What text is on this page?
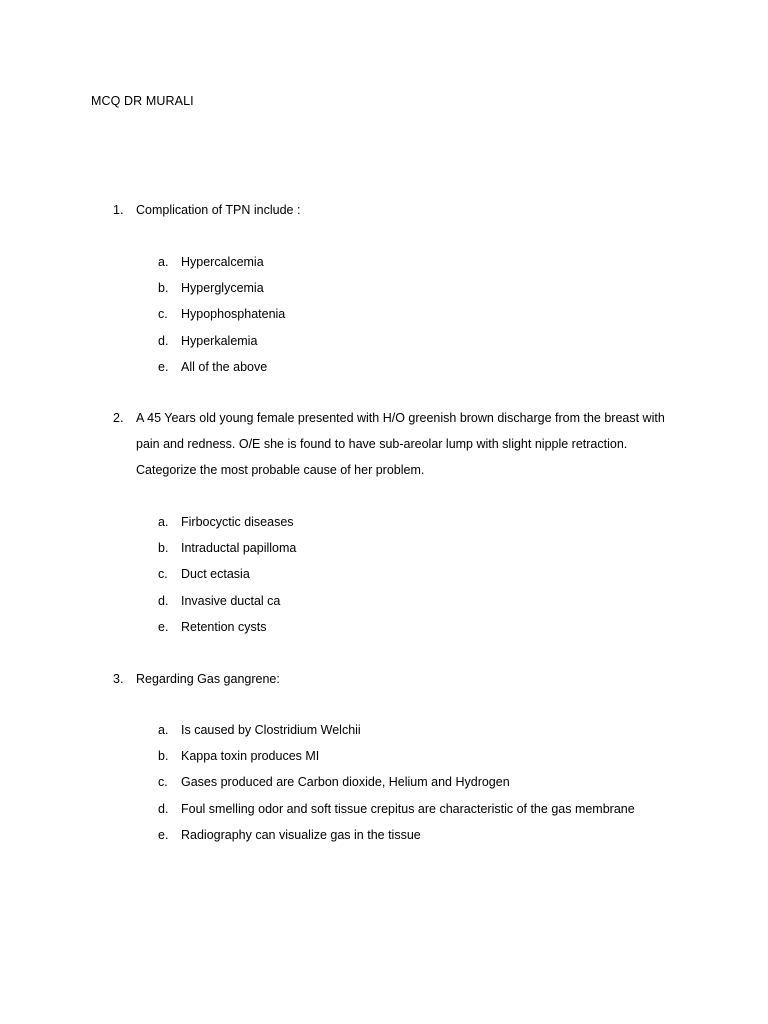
MCQ DR MURALI
1.	Complication of TPN include :
a.	Hypercalcemia
b.	Hyperglycemia
c.	Hypophosphatenia
d.	Hyperkalemia
e.	All of the above
2.	A 45 Years old young female presented with H/O greenish brown discharge from the breast with
pain and redness. O/E she is found to have sub-areolar lump with slight nipple retraction.
Categorize the most probable cause of her problem.
a.	Firbocyctic diseases
b.	Intraductal papilloma
c.	Duct ectasia
d.	Invasive ductal ca
e.	Retention cysts
3.	Regarding Gas gangrene:
a.	Is caused by Clostridium Welchii
b.	Kappa toxin produces MI
c.	Gases produced are Carbon dioxide, Helium and Hydrogen
d.	Foul smelling odor and soft tissue crepitus are characteristic of the gas membrane
e.	Radiography can visualize gas in the tissue
